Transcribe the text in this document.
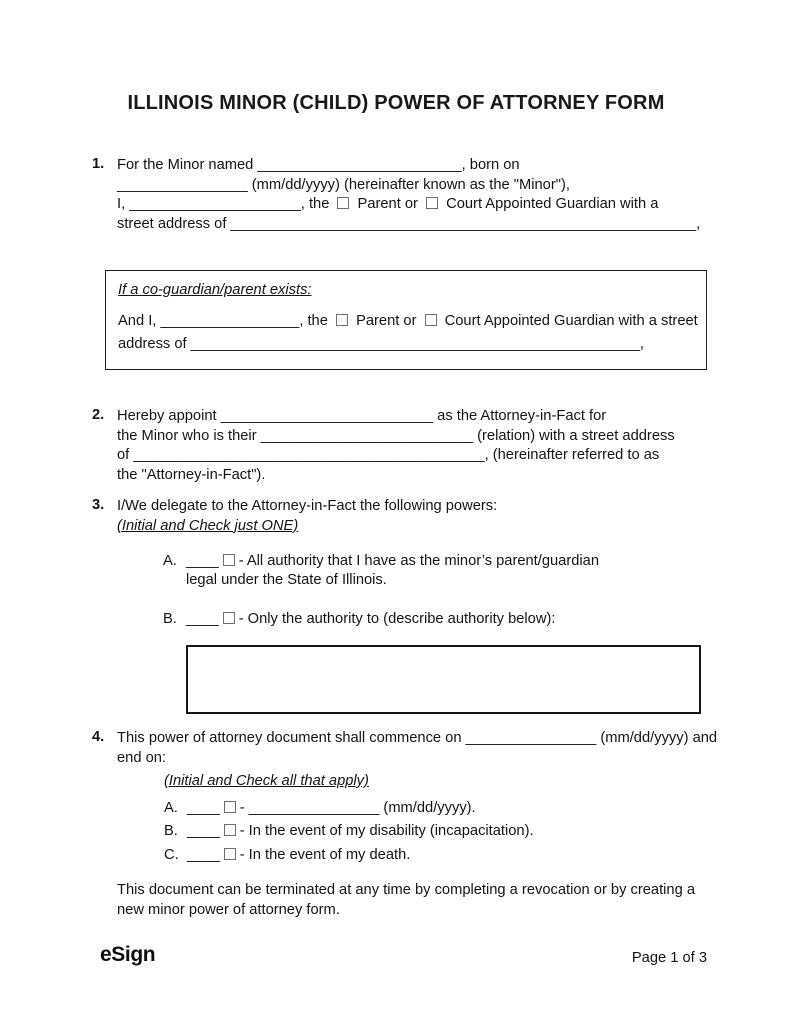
ILLINOIS MINOR (CHILD) POWER OF ATTORNEY FORM
1. For the Minor named _________________________, born on
________________ (mm/dd/yyyy) (hereinafter known as the "Minor"),
I, _____________________, the  Parent or  Court Appointed Guardian with a
street address of _________________________________________________________,
If a co-guardian/parent exists:
And I, _________________, the  Parent or  Court Appointed Guardian with a street
address of _______________________________________________________,
2. Hereby appoint __________________________ as the Attorney-in-Fact for
the Minor who is their __________________________ (relation) with a street address
of ___________________________________________, (hereinafter referred to as
the "Attorney-in-Fact").
3. I/We delegate to the Attorney-in-Fact the following powers:
(Initial and Check just ONE)
A. ____ - All authority that I have as the minor’s parent/guardian
legal under the State of Illinois.
B. ____ - Only the authority to (describe authority below):
4. This power of attorney document shall commence on ________________ (mm/dd/yyyy) and
end on:
(Initial and Check all that apply)
A. ____ - ________________ (mm/dd/yyyy).
B. ____ - In the event of my disability (incapacitation).
C. ____ - In the event of my death.
This document can be terminated at any time by completing a revocation or by creating a
new minor power of attorney form.
eSign	Page 1 of 3
